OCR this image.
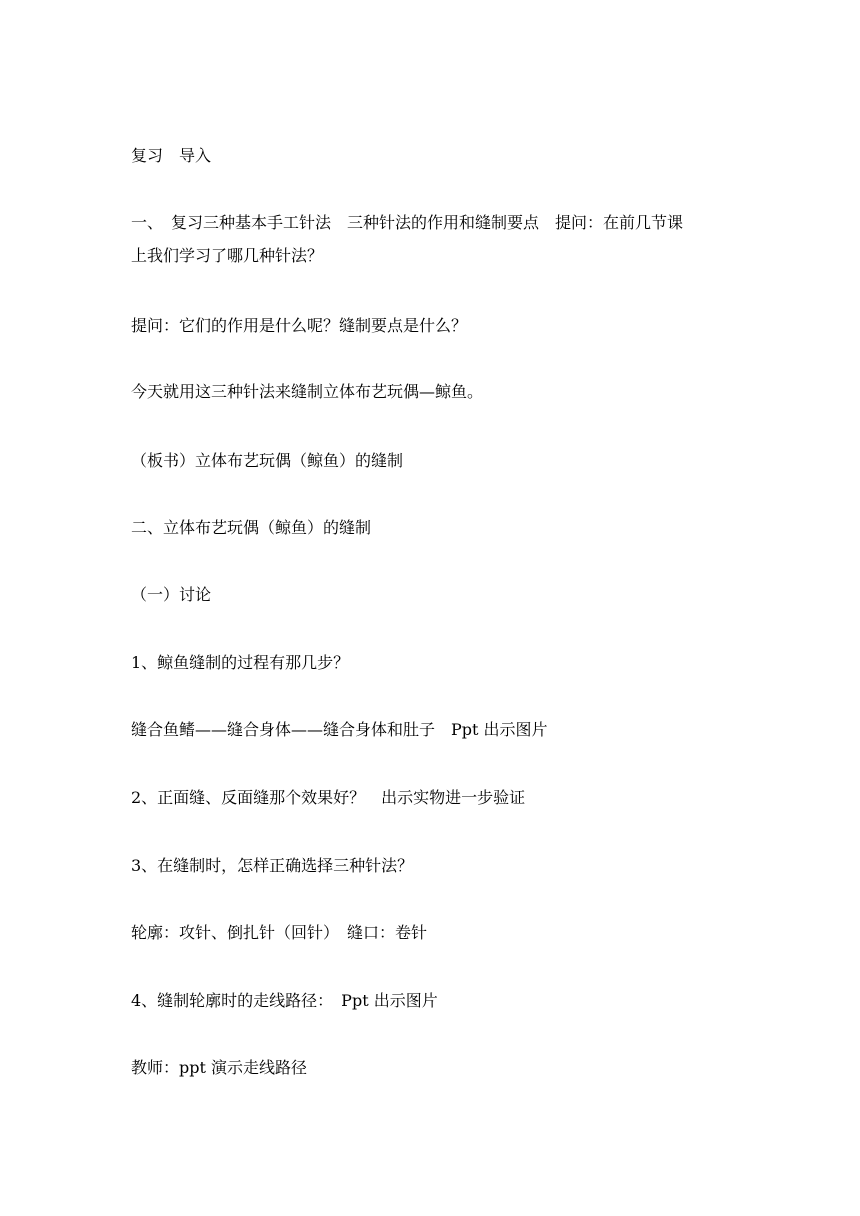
复习　导入
一、　复习三种基本手工针法　三种针法的作用和缝制要点　提问：在前几节课
上我们学习了哪几种针法？
提问：它们的作用是什么呢？缝制要点是什么？
今天就用这三种针法来缝制立体布艺玩偶—鲸鱼。
（板书）立体布艺玩偶（鲸鱼）的缝制
二、立体布艺玩偶（鲸鱼）的缝制
（一）讨论
1、鲸鱼缝制的过程有那几步？
缝合鱼鳍——缝合身体——缝合身体和肚子　Ppt 出示图片
2、正面缝、反面缝那个效果好？　出示实物进一步验证
3、在缝制时，怎样正确选择三种针法？
轮廓：攻针、倒扎针（回针）　缝口：卷针
4、缝制轮廓时的走线路径：　Ppt 出示图片
教师：ppt 演示走线路径
